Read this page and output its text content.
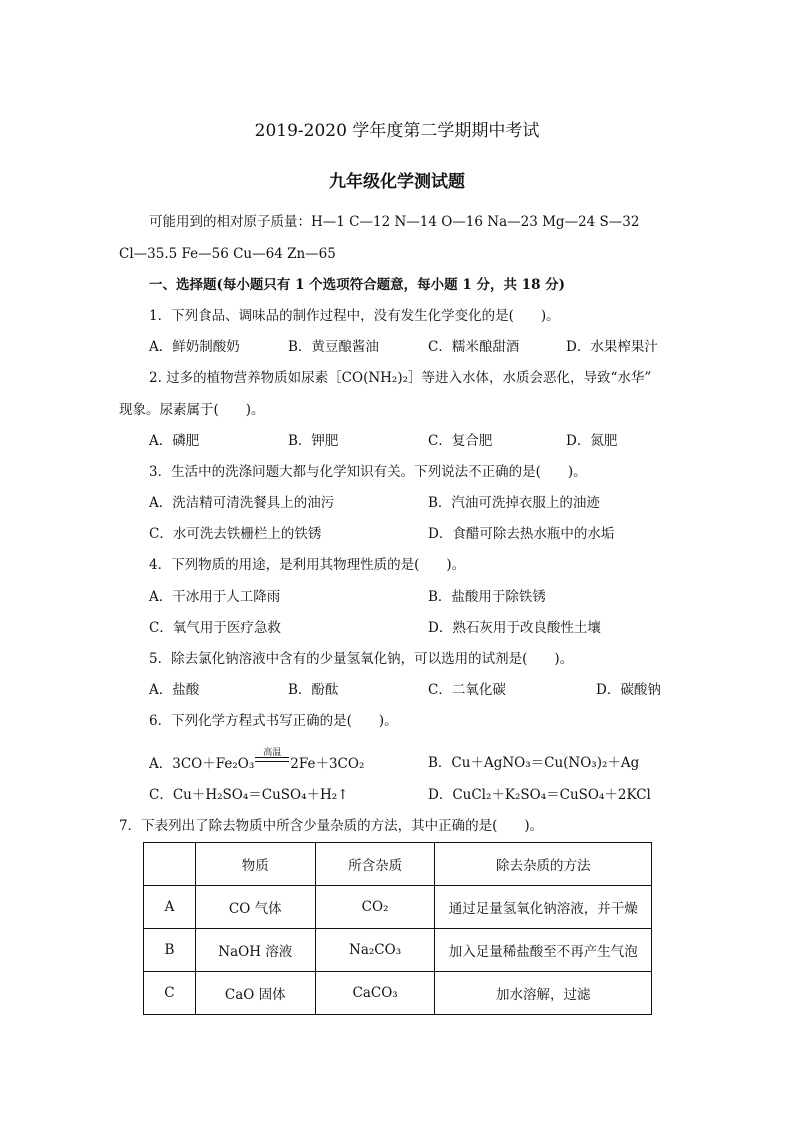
2019-2020 学年度第二学期期中考试
九年级化学测试题
可能用到的相对原子质量：H—1 C—12 N—14 O—16 Na—23 Mg—24 S—32
Cl—35.5 Fe—56 Cu—64 Zn—65
一、选择题(每小题只有 1 个选项符合题意，每小题 1 分，共 18 分)
1．下列食品、调味品的制作过程中，没有发生化学变化的是(　　)。
A．鲜奶制酸奶	B．黄豆酿酱油	C．糯米酿甜酒	D．水果榨果汁
2. 过多的植物营养物质如尿素［CO(NH₂)₂］等进入水体，水质会恶化，导致“水华”
现象。尿素属于(　　)。
A．磷肥	B．钾肥	C．复合肥	D．氮肥
3．生活中的洗涤问题大都与化学知识有关。下列说法不正确的是(　　)。
A．洗洁精可清洗餐具上的油污	B．汽油可洗掉衣服上的油迹
C．水可洗去铁栅栏上的铁锈	D．食醋可除去热水瓶中的水垢
4．下列物质的用途，是利用其物理性质的是(　　)。
A．干冰用于人工降雨	B．盐酸用于除铁锈
C．氧气用于医疗急救	D．熟石灰用于改良酸性土壤
5．除去氯化钠溶液中含有的少量氢氧化钠，可以选用的试剂是(　　)。
A．盐酸	B．酚酞	C．二氧化碳	D．碳酸钠
6．下列化学方程式书写正确的是(　　)。
A．3CO＋Fe₂O₃
高温
2Fe＋3CO₂	B．Cu＋AgNO₃＝Cu(NO₃)₂＋Ag
C．Cu＋H₂SO₄＝CuSO₄＋H₂↑	D．CuCl₂＋K₂SO₄＝CuSO₄＋2KCl
7．下表列出了除去物质中所含少量杂质的方法，其中正确的是(　　)。
	物质	所含杂质	除去杂质的方法
A	CO 气体	CO₂	通过足量氢氧化钠溶液，并干燥
B	NaOH 溶液	Na₂CO₃	加入足量稀盐酸至不再产生气泡
C	CaO 固体	CaCO₃	加水溶解，过滤
